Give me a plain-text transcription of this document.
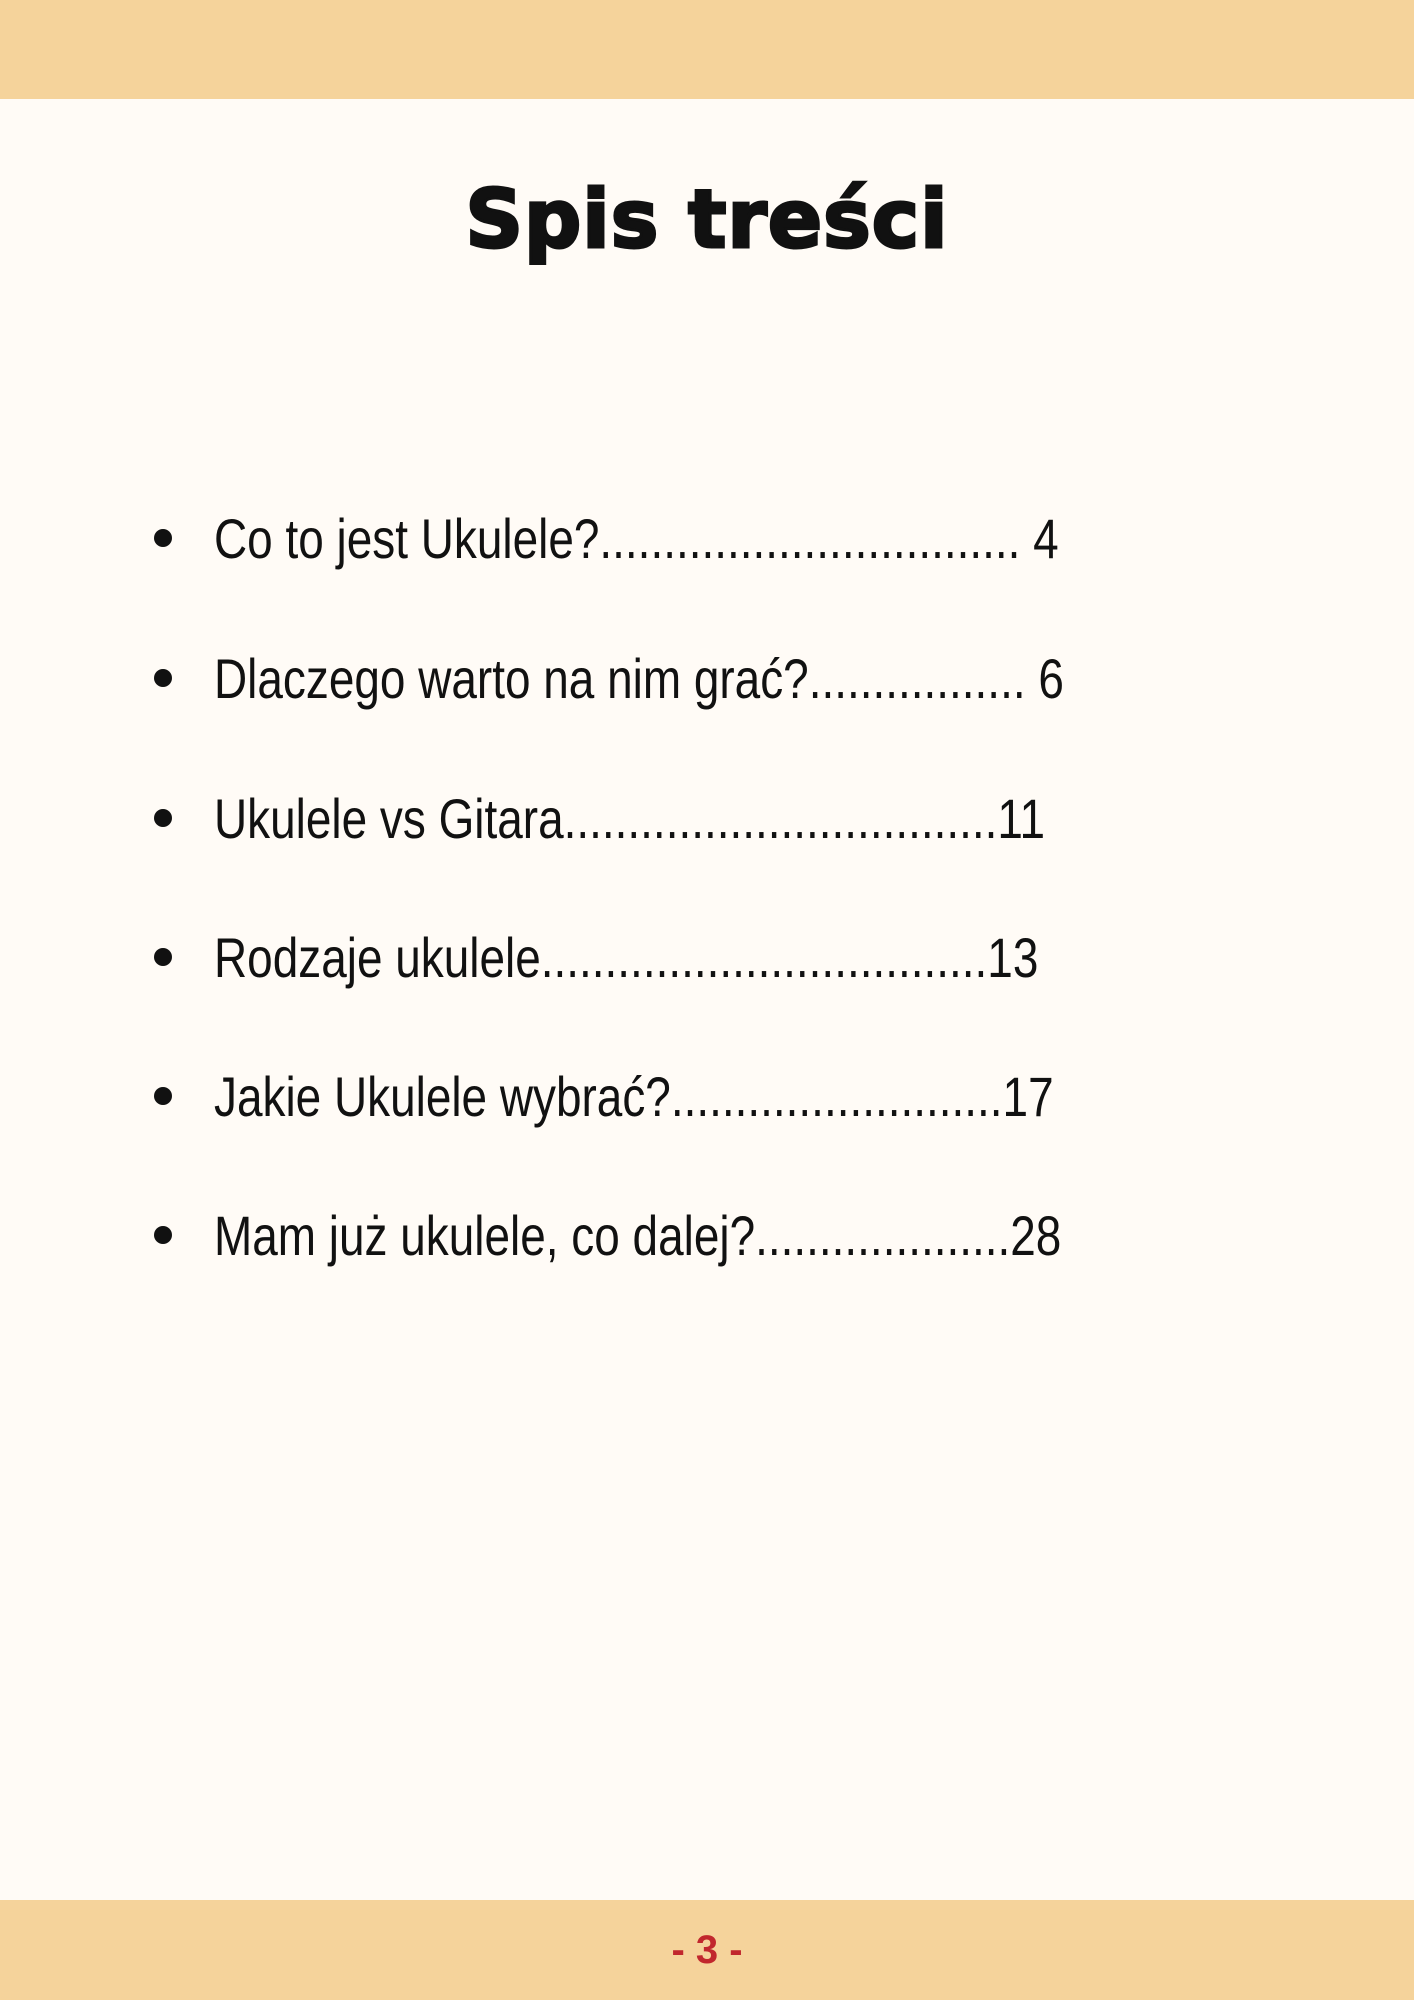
Spis treści
Co to jest Ukulele?................................. 4
Dlaczego warto na nim grać?................. 6
Ukulele vs Gitara..................................11
Rodzaje ukulele...................................13
Jakie Ukulele wybrać?..........................17
Mam już ukulele, co dalej?....................28
- 3 -
